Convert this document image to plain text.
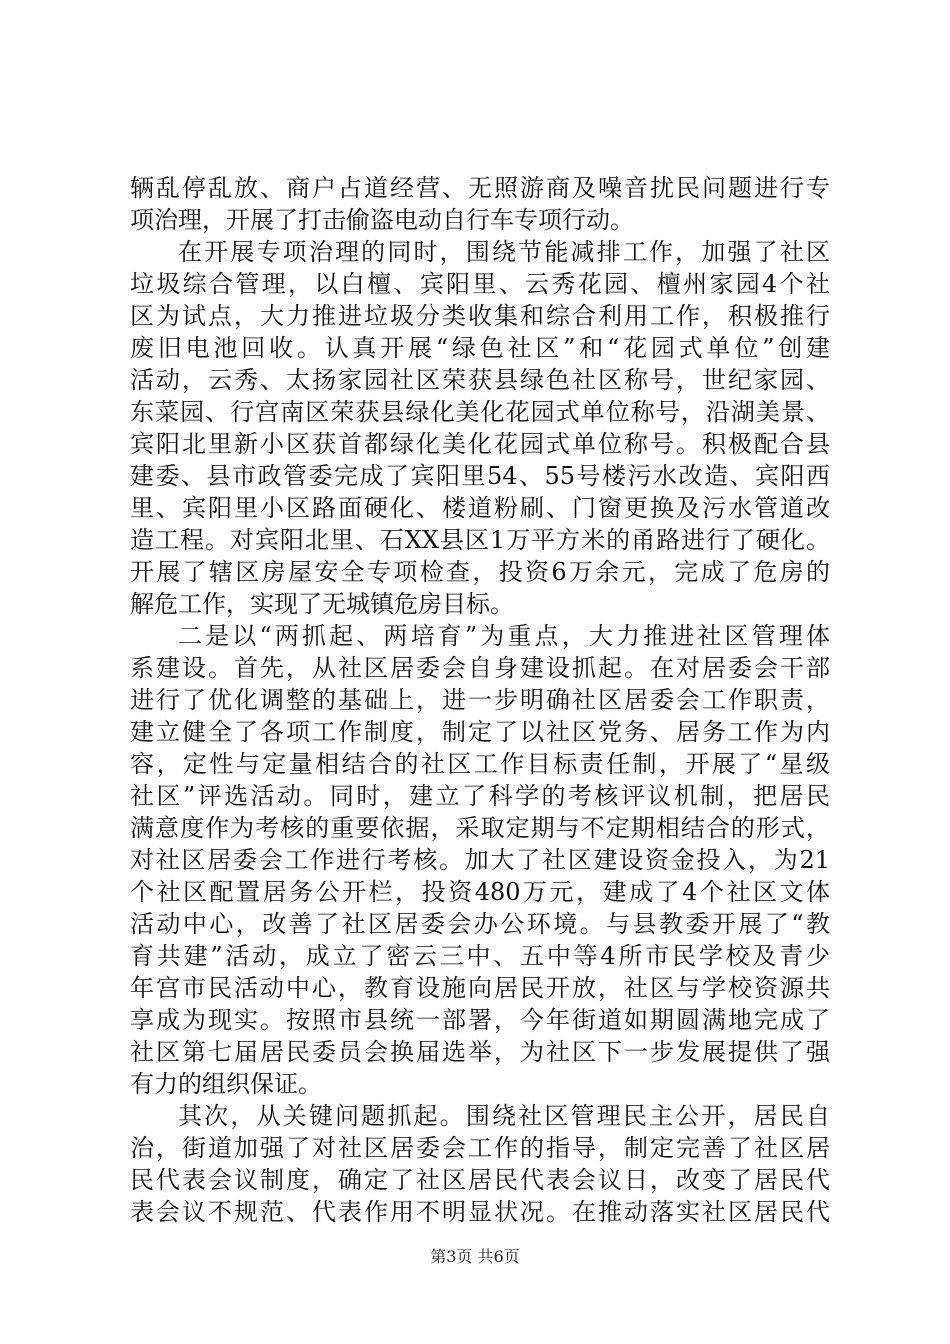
辆乱停乱放、商户占道经营、无照游商及噪音扰民问题进行专
项治理，开展了打击偷盗电动自行车专项行动。
在开展专项治理的同时，围绕节能减排工作，加强了社区
垃圾综合管理，以白檀、宾阳里、云秀花园、檀州家园4个社
区为试点，大力推进垃圾分类收集和综合利用工作，积极推行
废旧电池回收。认真开展“绿色社区”和“花园式单位”创建
活动，云秀、太扬家园社区荣获县绿色社区称号，世纪家园、
东菜园、行宫南区荣获县绿化美化花园式单位称号，沿湖美景、
宾阳北里新小区获首都绿化美化花园式单位称号。积极配合县
建委、县市政管委完成了宾阳里54、55号楼污水改造、宾阳西
里、宾阳里小区路面硬化、楼道粉刷、门窗更换及污水管道改
造工程。对宾阳北里、石XX县区1万平方米的甬路进行了硬化。
开展了辖区房屋安全专项检查，投资6万余元，完成了危房的
解危工作，实现了无城镇危房目标。
二是以“两抓起、两培育”为重点，大力推进社区管理体
系建设。首先，从社区居委会自身建设抓起。在对居委会干部
进行了优化调整的基础上，进一步明确社区居委会工作职责，
建立健全了各项工作制度，制定了以社区党务、居务工作为内
容，定性与定量相结合的社区工作目标责任制，开展了“星级
社区”评选活动。同时，建立了科学的考核评议机制，把居民
满意度作为考核的重要依据，采取定期与不定期相结合的形式，
对社区居委会工作进行考核。加大了社区建设资金投入，为21
个社区配置居务公开栏，投资480万元，建成了4个社区文体
活动中心，改善了社区居委会办公环境。与县教委开展了“教
育共建”活动，成立了密云三中、五中等4所市民学校及青少
年宫市民活动中心，教育设施向居民开放，社区与学校资源共
享成为现实。按照市县统一部署，今年街道如期圆满地完成了
社区第七届居民委员会换届选举，为社区下一步发展提供了强
有力的组织保证。
其次，从关键问题抓起。围绕社区管理民主公开，居民自
治，街道加强了对社区居委会工作的指导，制定完善了社区居
民代表会议制度，确定了社区居民代表会议日，改变了居民代
表会议不规范、代表作用不明显状况。在推动落实社区居民代
第3页 共6页
